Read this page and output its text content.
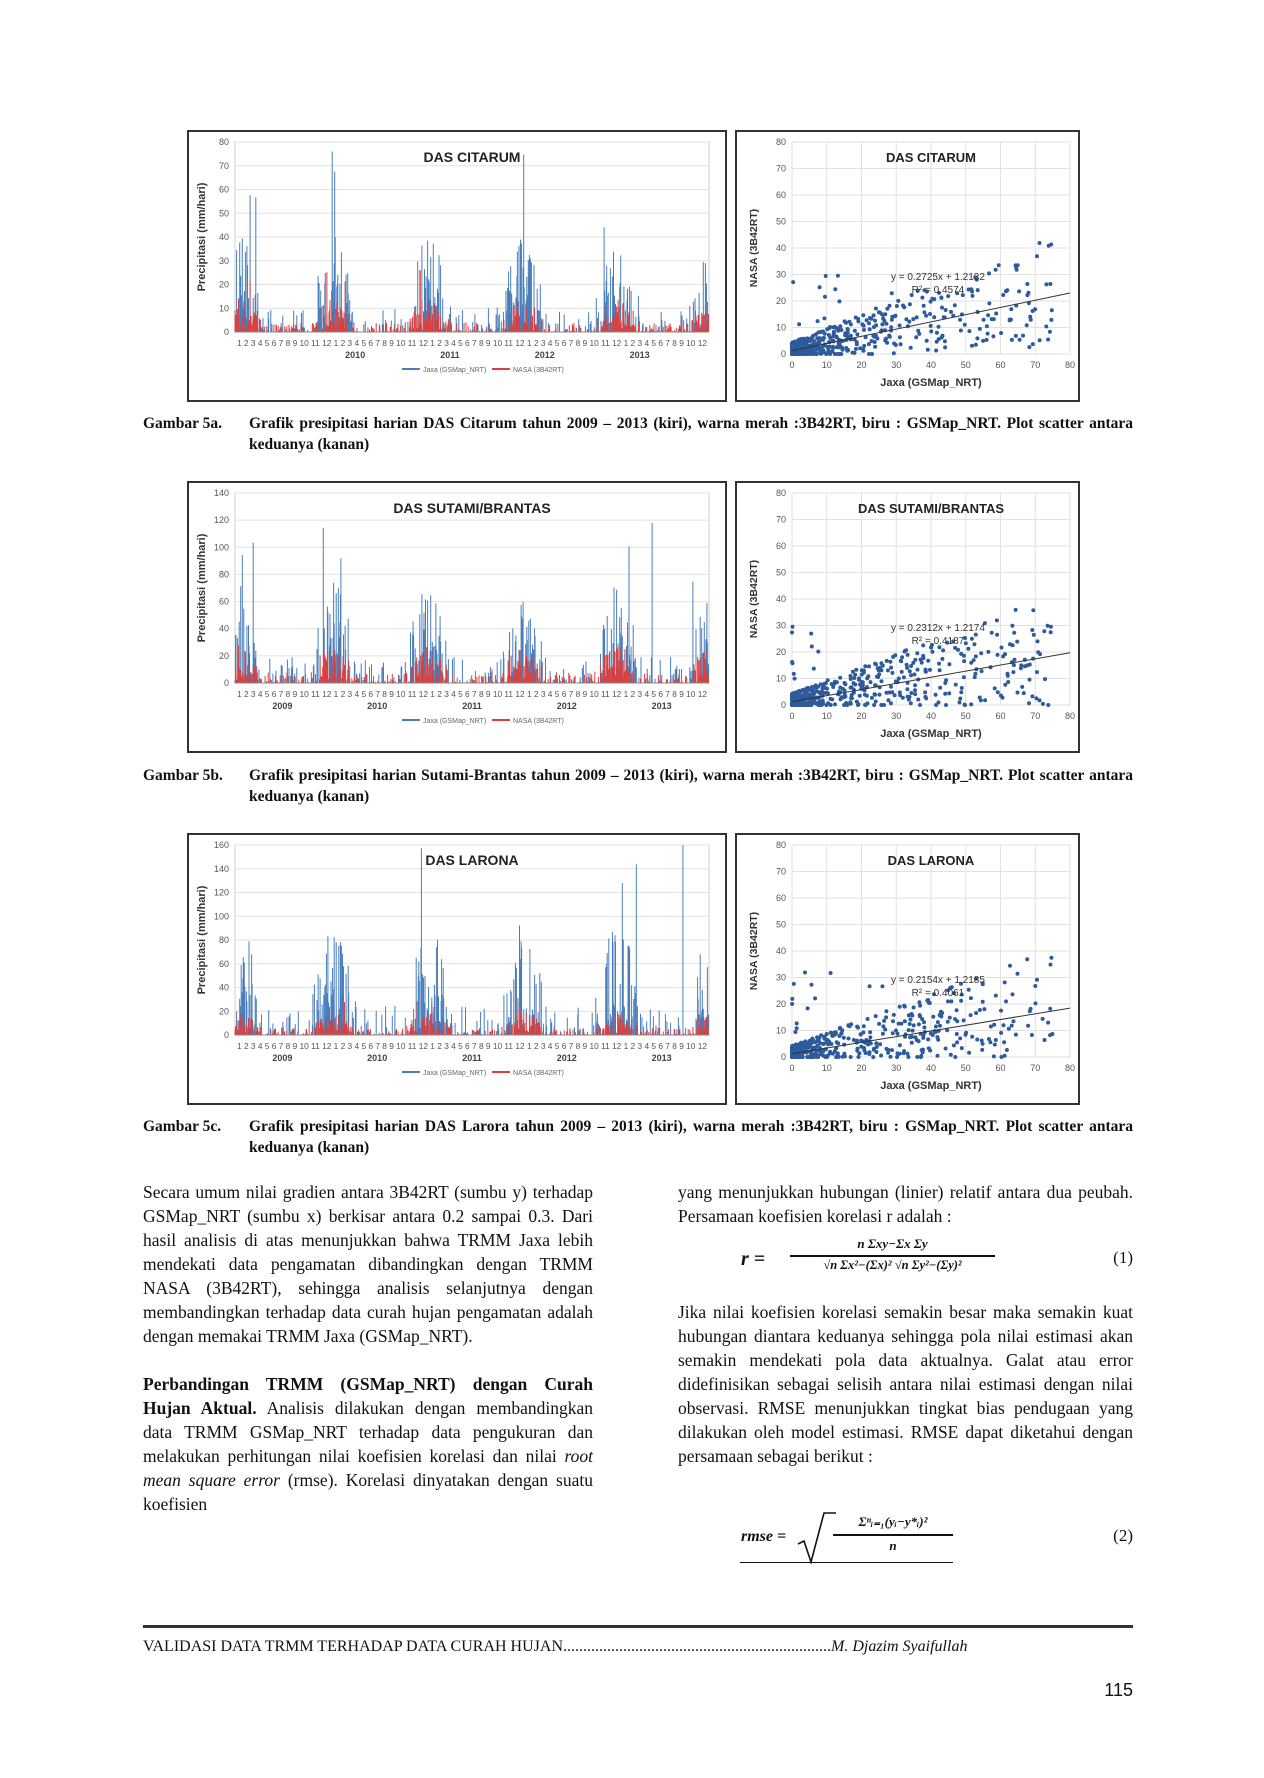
0
10
20
30
40
50
60
70
80
DAS CITARUM
Precipitasi (mm/hari)
1 2 3 4 5 6 7 8 9 10 11 12 1 2 3 4 5 6 7 8 9 10 11 12 1 2 3 4 5 6 7 8 9 10 11 12 1 2 3 4 5 6 7 8 9 10 11 12 1 2 3 4 5 6 7 8 9 10 12
2010	2011	2012	2013
Jaxa (GSMap_NRT)	NASA (3B42RT)
0	10	20	30	40	50	60	70	80
0
10
20
30
40
50
60
70
80
DAS CITARUM
NASA (3B42RT)
Jaxa (GSMap_NRT)
y = 0.2725x + 1.2132
R² = 0.4574
Gambar 5a. Grafik presipitasi harian DAS Citarum tahun 2009 – 2013 (kiri), warna merah :3B42RT, biru : GSMap_NRT. Plot scatter antara keduanya (kanan)
0
20
40
60
80
100
120
140
DAS SUTAMI/BRANTAS
Precipitasi (mm/hari)
1 2 3 4 5 6 7 8 9 10 11 12 1 2 3 4 5 6 7 8 9 10 11 12 1 2 3 4 5 6 7 8 9 10 11 12 1 2 3 4 5 6 7 8 9 10 11 12 1 2 3 4 5 6 7 8 9 10 12
2009	2010	2011	2012	2013
Jaxa (GSMap_NRT)	NASA (3B42RT)
0	10	20	30	40	50	60	70	80
0
10
20
30
40
50
60
70
80
DAS SUTAMI/BRANTAS
NASA (3B42RT)
Jaxa (GSMap_NRT)
y = 0.2312x + 1.2174
R² = 0.4187
Gambar 5b. Grafik presipitasi harian Sutami-Brantas tahun 2009 – 2013 (kiri), warna merah :3B42RT, biru : GSMap_NRT. Plot scatter antara keduanya (kanan)
0
20
40
60
80
100
120
140
160
DAS LARONA
Precipitasi (mm/hari)
1 2 3 4 5 6 7 8 9 10 11 12 1 2 3 4 5 6 7 8 9 10 11 12 1 2 3 4 5 6 7 8 9 10 11 12 1 2 3 4 5 6 7 8 9 10 11 12 1 2 3 4 5 6 7 8 9 10 12
2009	2010	2011	2012	2013
Jaxa (GSMap_NRT)	NASA (3B42RT)
0	10	20	30	40	50	60	70	80
0
10
20
30
40
50
60
70
80
DAS LARONA
NASA (3B42RT)
Jaxa (GSMap_NRT)
y = 0.2154x + 1.2185
R² = 0.4061
Gambar 5c. Grafik presipitasi harian DAS Larora tahun 2009 – 2013 (kiri), warna merah :3B42RT, biru : GSMap_NRT. Plot scatter antara keduanya (kanan)

Secara umum nilai gradien antara 3B42RT (sumbu y) terhadap GSMap_NRT (sumbu x) berkisar antara 0.2 sampai 0.3. Dari hasil analisis di atas menunjukkan bahwa TRMM Jaxa lebih mendekati data pengamatan dibandingkan dengan TRMM NASA (3B42RT), sehingga analisis selanjutnya dengan membandingkan terhadap data curah hujan pengamatan adalah dengan memakai TRMM Jaxa (GSMap_NRT).

Perbandingan TRMM (GSMap_NRT) dengan Curah Hujan Aktual. Analisis dilakukan dengan membandingkan data TRMM GSMap_NRT terhadap data pengukuran dan melakukan perhitungan nilai koefisien korelasi dan nilai root mean square error (rmse). Korelasi dinyatakan dengan suatu koefisien

yang menunjukkan hubungan (linier) relatif antara dua peubah. Persamaan koefisien korelasi r adalah :

r =
n Σxy−Σx Σy
√n Σx²−(Σx)² √n Σy²−(Σy)²	(1)

Jika nilai koefisien korelasi semakin besar maka semakin kuat hubungan diantara keduanya sehingga pola nilai estimasi akan semakin mendekati pola data aktualnya. Galat atau error didefinisikan sebagai selisih antara nilai estimasi dengan nilai observasi. RMSE menunjukkan tingkat bias pendugaan yang dilakukan oleh model estimasi. RMSE dapat diketahui dengan persamaan sebagai berikut :

rmse =
Σⁿᵢ₌₁(yᵢ−y*ᵢ)²
n
(2)
VALIDASI DATA TRMM TERHADAP DATA CURAH HUJAN...................................................................M. Djazim Syaifullah
115
